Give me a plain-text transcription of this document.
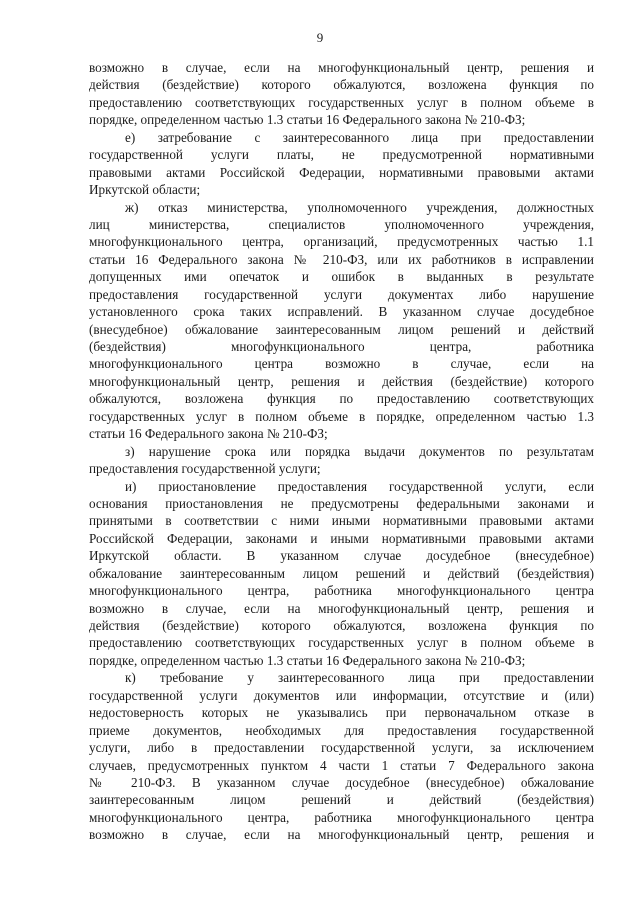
9
возможно в случае, если на многофункциональный центр, решения и
действия (бездействие) которого обжалуются, возложена функция по
предоставлению соответствующих государственных услуг в полном объеме в
порядке, определенном частью 1.3 статьи 16 Федерального закона № 210-ФЗ;
е) затребование с заинтересованного лица при предоставлении
государственной услуги платы, не предусмотренной нормативными
правовыми актами Российской Федерации, нормативными правовыми актами
Иркутской области;
ж) отказ министерства, уполномоченного учреждения, должностных
лиц министерства, специалистов уполномоченного учреждения,
многофункционального центра, организаций, предусмотренных частью 1.1
статьи 16 Федерального закона № 210-ФЗ, или их работников в исправлении
допущенных ими опечаток и ошибок в выданных в результате
предоставления государственной услуги документах либо нарушение
установленного срока таких исправлений. В указанном случае досудебное
(внесудебное) обжалование заинтересованным лицом решений и действий
(бездействия) многофункционального центра, работника
многофункционального центра возможно в случае, если на
многофункциональный центр, решения и действия (бездействие) которого
обжалуются, возложена функция по предоставлению соответствующих
государственных услуг в полном объеме в порядке, определенном частью 1.3
статьи 16 Федерального закона № 210-ФЗ;
з) нарушение срока или порядка выдачи документов по результатам
предоставления государственной услуги;
и) приостановление предоставления государственной услуги, если
основания приостановления не предусмотрены федеральными законами и
принятыми в соответствии с ними иными нормативными правовыми актами
Российской Федерации, законами и иными нормативными правовыми актами
Иркутской области. В указанном случае досудебное (внесудебное)
обжалование заинтересованным лицом решений и действий (бездействия)
многофункционального центра, работника многофункционального центра
возможно в случае, если на многофункциональный центр, решения и
действия (бездействие) которого обжалуются, возложена функция по
предоставлению соответствующих государственных услуг в полном объеме в
порядке, определенном частью 1.3 статьи 16 Федерального закона № 210-ФЗ;
к) требование у заинтересованного лица при предоставлении
государственной услуги документов или информации, отсутствие и (или)
недостоверность которых не указывались при первоначальном отказе в
приеме документов, необходимых для предоставления государственной
услуги, либо в предоставлении государственной услуги, за исключением
случаев, предусмотренных пунктом 4 части 1 статьи 7 Федерального закона
№ 210-ФЗ. В указанном случае досудебное (внесудебное) обжалование
заинтересованным лицом решений и действий (бездействия)
многофункционального центра, работника многофункционального центра
возможно в случае, если на многофункциональный центр, решения и
